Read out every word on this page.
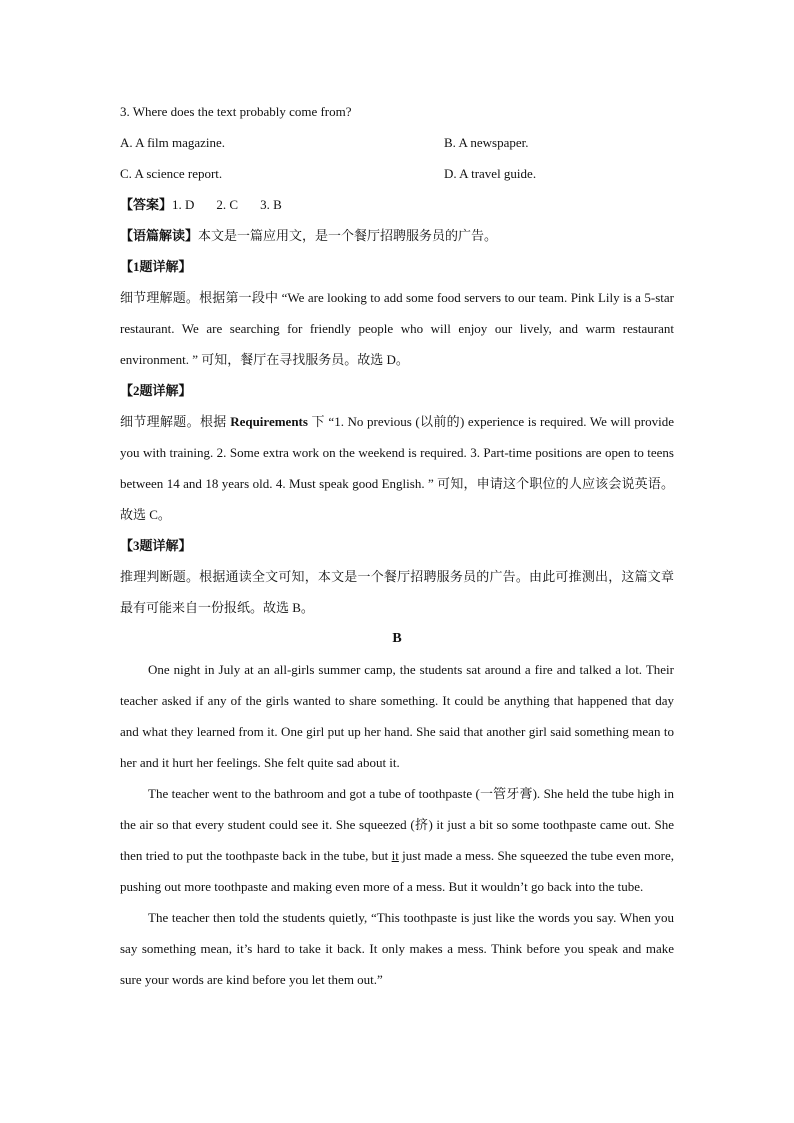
3. Where does the text probably come from?
A. A film magazine.	B. A newspaper.
C. A science report.	D. A travel guide.
【答案】1. D 2. C 3. B
【语篇解读】本文是一篇应用文，是一个餐厅招聘服务员的广告。
【1题详解】
细节理解题。根据第一段中 “We are looking to add some food servers to our team. Pink Lily is a 5-star restaurant. We are searching for friendly people who will enjoy our lively, and warm restaurant environment. ” 可知，餐厅在寻找服务员。故选 D。
【2题详解】
细节理解题。根据 Requirements 下 “1. No previous (以前的) experience is required. We will provide you with training. 2. Some extra work on the weekend is required. 3. Part-time positions are open to teens between 14 and 18 years old. 4. Must speak good English. ” 可知，申请这个职位的人应该会说英语。故选 C。
【3题详解】
推理判断题。根据通读全文可知，本文是一个餐厅招聘服务员的广告。由此可推测出，这篇文章最有可能来自一份报纸。故选 B。
B
One night in July at an all-girls summer camp, the students sat around a fire and talked a lot. Their teacher asked if any of the girls wanted to share something. It could be anything that happened that day and what they learned from it. One girl put up her hand. She said that another girl said something mean to her and it hurt her feelings. She felt quite sad about it.
The teacher went to the bathroom and got a tube of toothpaste (一管牙膏). She held the tube high in the air so that every student could see it. She squeezed (挤) it just a bit so some toothpaste came out. She then tried to put the toothpaste back in the tube, but it just made a mess. She squeezed the tube even more, pushing out more toothpaste and making even more of a mess. But it wouldn’t go back into the tube.
The teacher then told the students quietly, “This toothpaste is just like the words you say. When you say something mean, it’s hard to take it back. It only makes a mess. Think before you speak and make sure your words are kind before you let them out.”
